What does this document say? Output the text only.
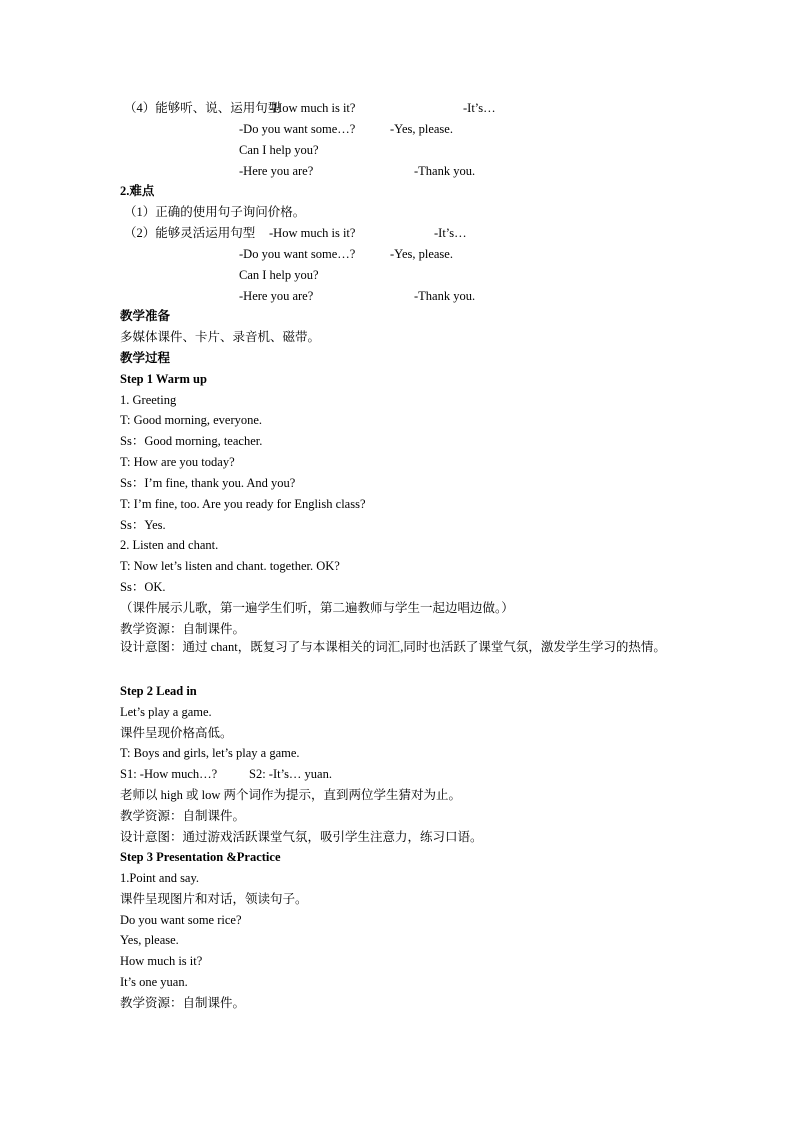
（4）能够听、说、运用句型
-How much is it?	-It’s…
-Do you want some…?	-Yes, please.
Can I help you?
-Here you are?	-Thank you.
2.难点
（1）正确的使用句子询问价格。
（2）能够灵活运用句型 -How much is it?	-It’s…
-Do you want some…?	-Yes, please.
Can I help you?
-Here you are?	-Thank you.
教学准备
多媒体课件、卡片、录音机、磁带。
教学过程
Step 1 Warm up
1. Greeting
T: Good morning, everyone.
Ss：Good morning, teacher.
T: How are you today?
Ss：I’m fine, thank you. And you?
T: I’m fine, too. Are you ready for English class?
Ss：Yes.
2. Listen and chant.
T: Now let’s listen and chant. together. OK?
Ss：OK.
（课件展示儿歌，第一遍学生们听，第二遍教师与学生一起边唱边做。）
教学资源：自制课件。
设计意图：通过 chant，既复习了与本课相关的词汇,同时也活跃了课堂气氛，激发学生学习的热情。
Step 2 Lead in
Let’s play a game.
课件呈现价格高低。
T: Boys and girls, let’s play a game.
S1: -How much…?	S2: -It’s… yuan.
老师以 high 或 low 两个词作为提示，直到两位学生猜对为止。
教学资源：自制课件。
设计意图：通过游戏活跃课堂气氛，吸引学生注意力，练习口语。
Step 3 Presentation &Practice
1.Point and say.
课件呈现图片和对话，领读句子。
Do you want some rice?
Yes, please.
How much is it?
It’s one yuan.
教学资源：自制课件。
